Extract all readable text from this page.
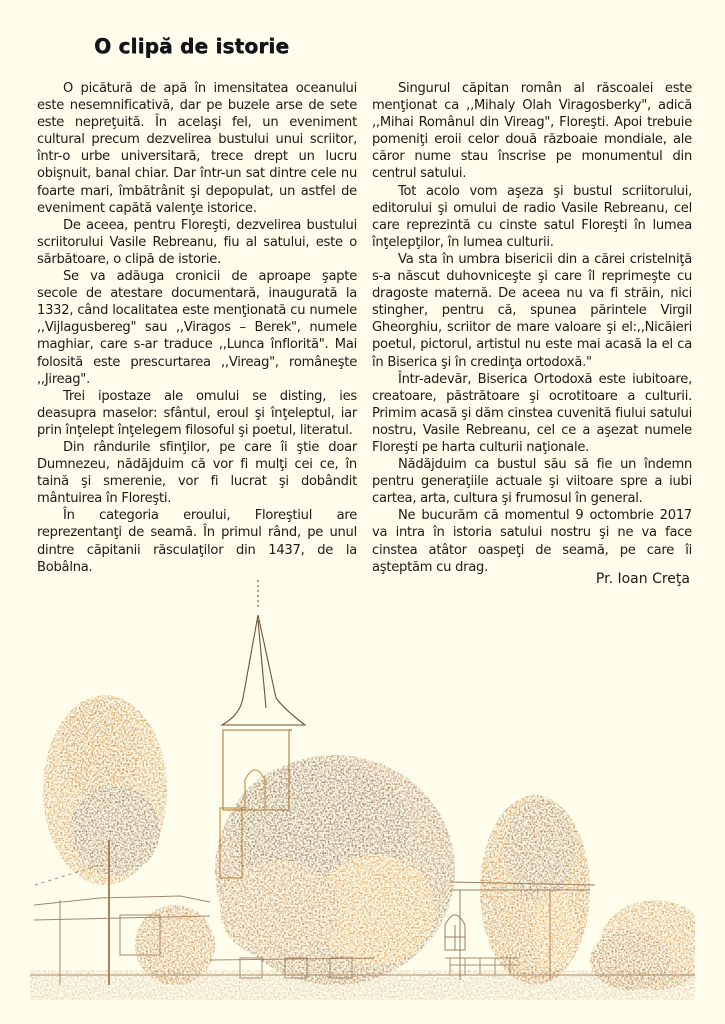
O clipă de istorie

O picătură de apă în imensitatea oceanului este nesemnificativă, dar pe buzele arse de sete este nepreţuită. În acelaşi fel, un eveniment cultural precum dezvelirea bustului unui scriitor, într-o urbe universitară, trece drept un lucru obişnuit, banal chiar. Dar într-un sat dintre cele nu foarte mari, îmbătrânit şi depopulat, un astfel de eveniment capătă valenţe istorice.

De aceea, pentru Floreşti, dezvelirea bustului scriitorului Vasile Rebreanu, fiu al satului, este o sărbătoare, o clipă de istorie.

Se va adăuga cronicii de aproape şapte secole de atestare documentară, inaugurată la 1332, când localitatea este menţionată cu numele ,,Vijlagusbereg" sau ,,Viragos – Berek", numele maghiar, care s-ar traduce ,,Lunca înflorită". Mai folosită este prescurtarea ,,Vireag", româneşte ,,Jireag".

Trei ipostaze ale omului se disting, ies deasupra maselor: sfântul, eroul şi înţeleptul, iar prin înţelept înţelegem filosoful şi poetul, literatul.

Din rândurile sfinţilor, pe care îi ştie doar Dumnezeu, nădăjduim că vor fi mulţi cei ce, în taină şi smerenie, vor fi lucrat şi dobândit mântuirea în Floreşti.

În categoria eroului, Floreştiul are reprezentanţi de seamă. În primul rând, pe unul dintre căpitanii răsculaţilor din 1437, de la Bobâlna.

Singurul căpitan român al răscoalei este menţionat ca ,,Mihaly Olah Viragosberky", adică ,,Mihai Românul din Vireag", Floreşti. Apoi trebuie pomeniţi eroii celor două războaie mondiale, ale căror nume stau înscrise pe monumentul din centrul satului.

Tot acolo vom aşeza şi bustul scriitorului, editorului şi omului de radio Vasile Rebreanu, cel care reprezintă cu cinste satul Floreşti în lumea înţelepţilor, în lumea culturii.

Va sta în umbra bisericii din a cărei cristelniţă s-a născut duhovniceşte şi care îl reprimeşte cu dragoste maternă. De aceea nu va fi străin, nici stingher, pentru că, spunea părintele Virgil Gheorghiu, scriitor de mare valoare şi el:,,Nicăieri poetul, pictorul, artistul nu este mai acasă la el ca în Biserica şi în credinţa ortodoxă."

Într-adevăr, Biserica Ortodoxă este iubitoare, creatoare, păstrătoare şi ocrotitoare a culturii. Primim acasă şi dăm cinstea cuvenită fiului satului nostru, Vasile Rebreanu, cel ce a aşezat numele Floreşti pe harta culturii naţionale.

Nădăjduim ca bustul său să fie un îndemn pentru generaţiile actuale şi viitoare spre a iubi cartea, arta, cultura şi frumosul în general.

Ne bucurăm că momentul 9 octombrie 2017 va intra în istoria satului nostru şi ne va face cinstea atâtor oaspeţi de seamă, pe care îi aşteptăm cu drag.

Pr. Ioan Creţa
